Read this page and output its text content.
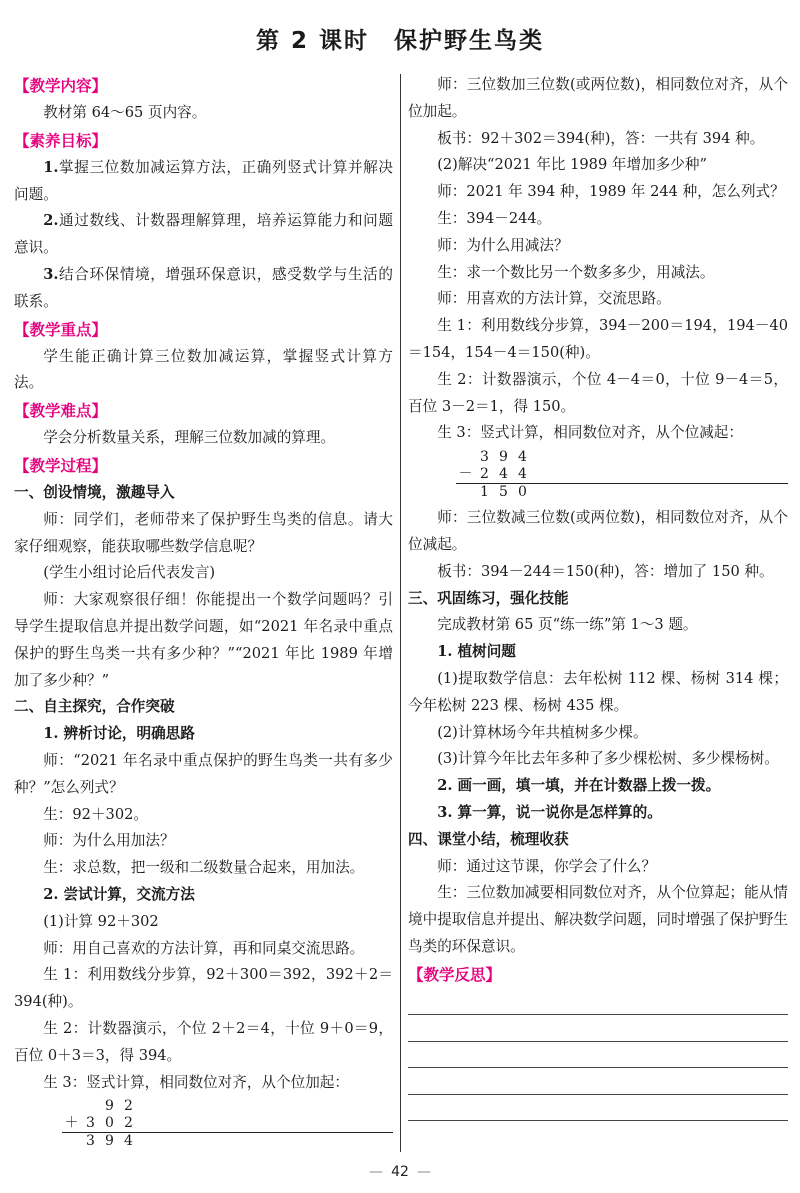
第 2 课时　保护野生鸟类
【教学内容】

教材第 64～65 页内容。

【素养目标】

1.掌握三位数加减运算方法，正确列竖式计算并解决问题。

2.通过数线、计数器理解算理，培养运算能力和问题意识。

3.结合环保情境，增强环保意识，感受数学与生活的联系。

【教学重点】

学生能正确计算三位数加减运算，掌握竖式计算方法。

【教学难点】

学会分析数量关系，理解三位数加减的算理。

【教学过程】
一、创设情境，激趣导入

师：同学们，老师带来了保护野生鸟类的信息。请大家仔细观察，能获取哪些数学信息呢？

(学生小组讨论后代表发言)

师：大家观察很仔细！你能提出一个数学问题吗？引导学生提取信息并提出数学问题，如“2021 年名录中重点保护的野生鸟类一共有多少种？”“2021 年比 1989 年增加了多少种？”

二、自主探究，合作突破

1. 辨析讨论，明确思路

师：“2021 年名录中重点保护的野生鸟类一共有多少种？”怎么列式？

生：92＋302。

师：为什么用加法？

生：求总数，把一级和二级数量合起来，用加法。

2. 尝试计算，交流方法

(1)计算 92＋302

师：用自己喜欢的方法计算，再和同桌交流思路。

生 1：利用数线分步算，92＋300＝392，392＋2＝394(种)。

生 2：计数器演示，个位 2＋2＝4，十位 9＋0＝9，百位 0＋3＝3，得 394。

生 3：竖式计算，相同数位对齐，从个位加起：

9 2
＋ 3 0 2
3 9 4

师：三位数加三位数(或两位数)，相同数位对齐，从个位加起。

板书：92＋302＝394(种)，答：一共有 394 种。

(2)解决“2021 年比 1989 年增加多少种”

师：2021 年 394 种，1989 年 244 种，怎么列式？

生：394－244。

师：为什么用减法？

生：求一个数比另一个数多多少，用减法。

师：用喜欢的方法计算，交流思路。

生 1：利用数线分步算，394－200＝194，194－40＝154，154－4＝150(种)。

生 2：计数器演示，个位 4－4＝0，十位 9－4＝5，百位 3－2＝1，得 150。

生 3：竖式计算，相同数位对齐，从个位减起：

3 9 4
－ 2 4 4
1 5 0

师：三位数减三位数(或两位数)，相同数位对齐，从个位减起。

板书：394－244＝150(种)，答：增加了 150 种。

三、巩固练习，强化技能

完成教材第 65 页“练一练”第 1～3 题。

1. 植树问题

(1)提取数学信息：去年松树 112 棵、杨树 314 棵；今年松树 223 棵、杨树 435 棵。

(2)计算林场今年共植树多少棵。

(3)计算今年比去年多种了多少棵松树、多少棵杨树。

2. 画一画，填一填，并在计数器上拨一拨。

3. 算一算，说一说你是怎样算的。

四、课堂小结，梳理收获

师：通过这节课，你学会了什么？

生：三位数加减要相同数位对齐，从个位算起；能从情境中提取信息并提出、解决数学问题，同时增强了保护野生鸟类的环保意识。

【教学反思】
— 42 —
